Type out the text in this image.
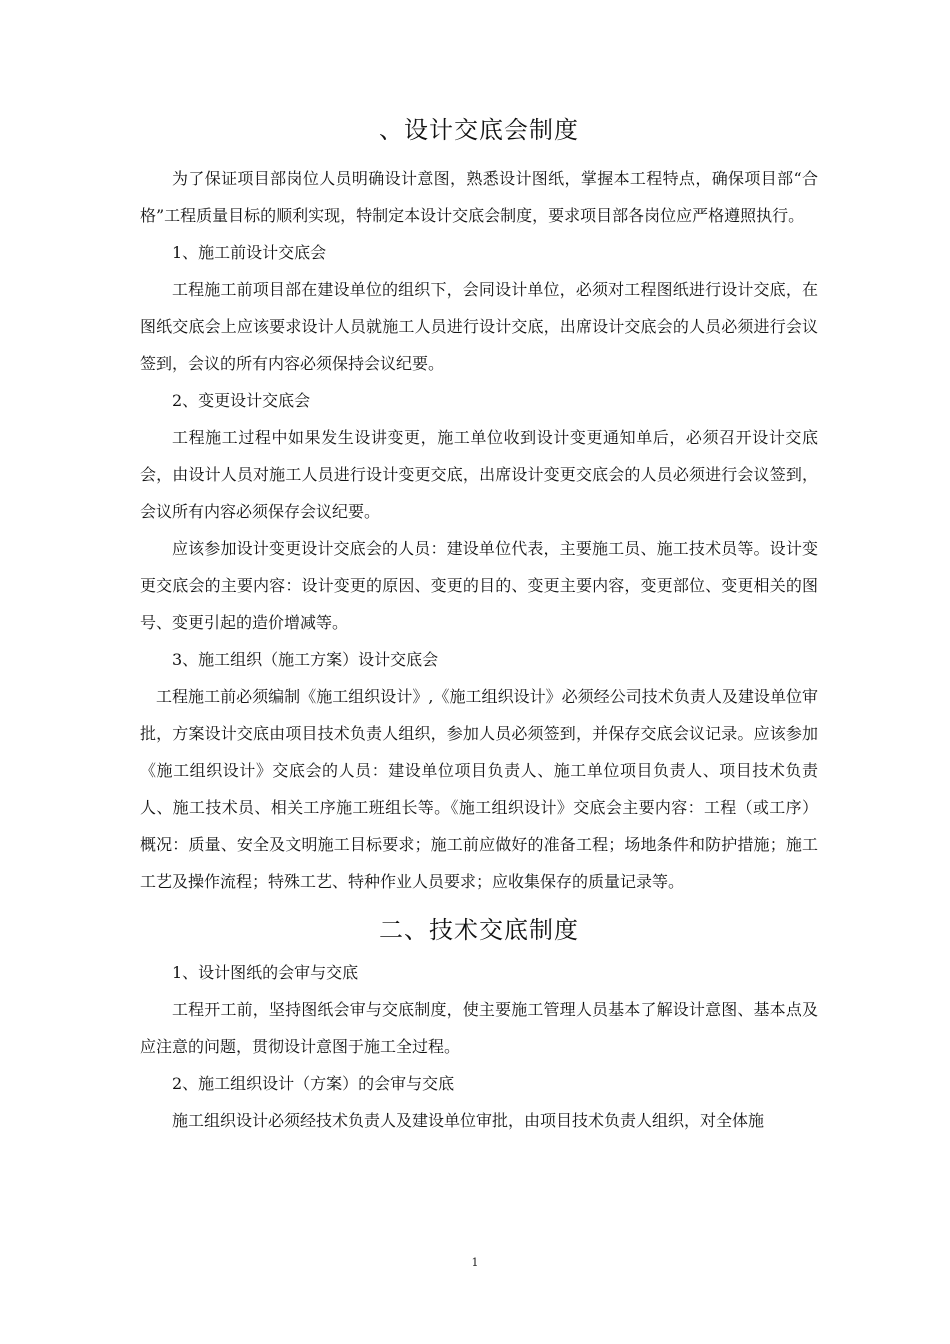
、设计交底会制度

为了保证项目部岗位人员明确设计意图，熟悉设计图纸，掌握本工程特点，确保项目部“合格”工程质量目标的顺利实现，特制定本设计交底会制度，要求项目部各岗位应严格遵照执行。

1、施工前设计交底会

工程施工前项目部在建设单位的组织下，会同设计单位，必须对工程图纸进行设计交底，在图纸交底会上应该要求设计人员就施工人员进行设计交底，出席设计交底会的人员必须进行会议签到，会议的所有内容必须保持会议纪要。

2、变更设计交底会

工程施工过程中如果发生设讲变更，施工单位收到设计变更通知单后，必须召开设计交底会，由设计人员对施工人员进行设计变更交底，出席设计变更交底会的人员必须进行会议签到，会议所有内容必须保存会议纪要。

应该参加设计变更设计交底会的人员：建设单位代表，主要施工员、施工技术员等。设计变更交底会的主要内容：设计变更的原因、变更的目的、变更主要内容，变更部位、变更相关的图号、变更引起的造价增减等。

3、施工组织（施工方案）设计交底会

工程施工前必须编制《施工组织设计》,《施工组织设计》必须经公司技术负责人及建设单位审批，方案设计交底由项目技术负责人组织，参加人员必须签到，并保存交底会议记录。应该参加《施工组织设计》交底会的人员：建设单位项目负责人、施工单位项目负责人、项目技术负责人、施工技术员、相关工序施工班组长等。《施工组织设计》交底会主要内容：工程（或工序）概况：质量、安全及文明施工目标要求；施工前应做好的准备工程；场地条件和防护措施；施工工艺及操作流程；特殊工艺、特种作业人员要求；应收集保存的质量记录等。

二、技术交底制度

1、设计图纸的会审与交底

工程开工前，坚持图纸会审与交底制度，使主要施工管理人员基本了解设计意图、基本点及应注意的问题，贯彻设计意图于施工全过程。

2、施工组织设计（方案）的会审与交底

施工组织设计必须经技术负责人及建设单位审批，由项目技术负责人组织，对全体施

1
